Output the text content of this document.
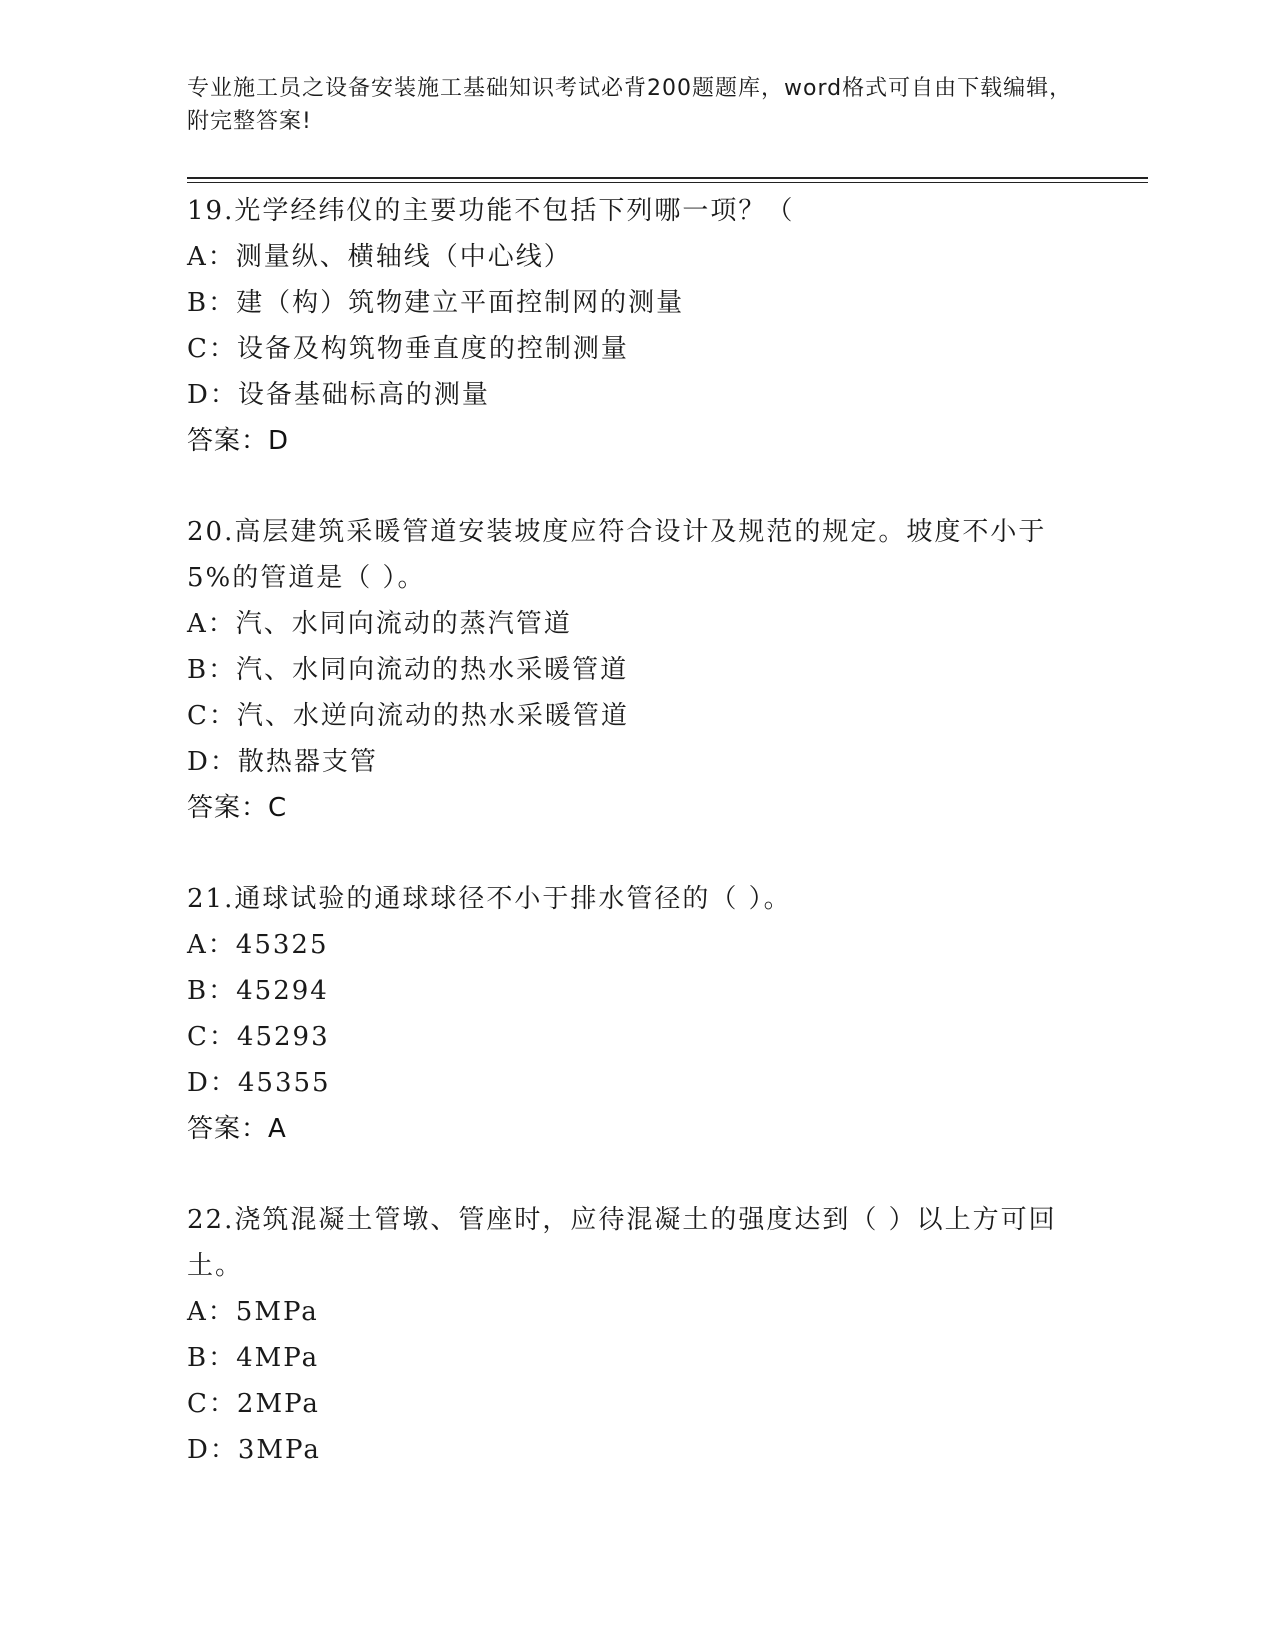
专业施工员之设备安装施工基础知识考试必背200题题库，word格式可自由下载编辑，附完整答案!
19.光学经纬仪的主要功能不包括下列哪一项？（
A：测量纵、横轴线（中心线）
B：建（构）筑物建立平面控制网的测量
C：设备及构筑物垂直度的控制测量
D：设备基础标高的测量
答案：D
20.高层建筑采暖管道安装坡度应符合设计及规范的规定。坡度不小于5%的管道是（ ）。
A：汽、水同向流动的蒸汽管道
B：汽、水同向流动的热水采暖管道
C：汽、水逆向流动的热水采暖管道
D：散热器支管
答案：C
21.通球试验的通球球径不小于排水管径的（ ）。
A：45325
B：45294
C：45293
D：45355
答案：A
22.浇筑混凝土管墩、管座时，应待混凝土的强度达到（ ）以上方可回土。
A：5MPa
B：4MPa
C：2MPa
D：3MPa
